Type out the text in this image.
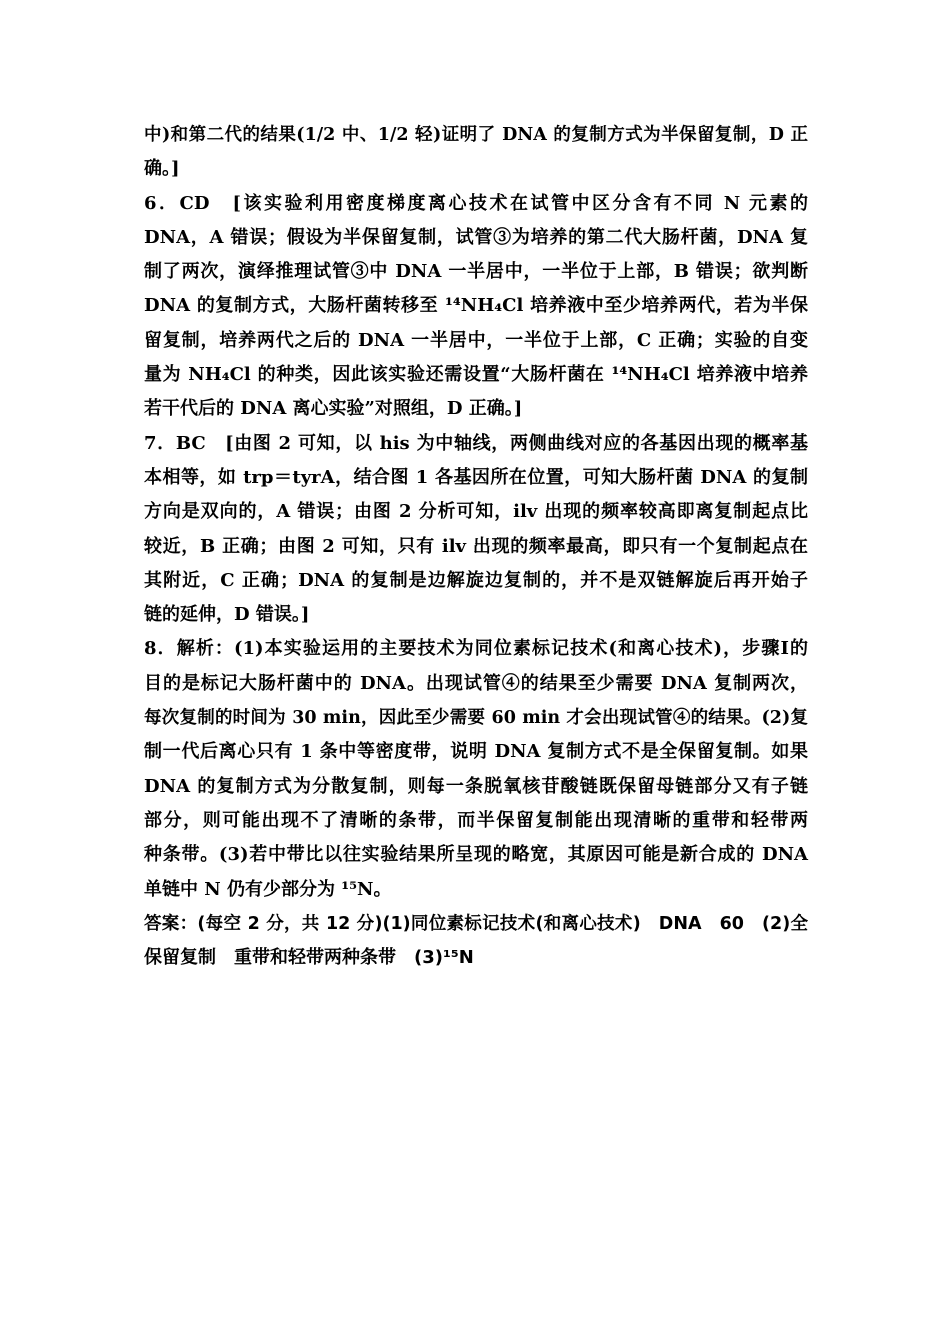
中)和第二代的结果(1/2 中、1/2 轻)证明了 DNA 的复制方式为半保留复制，D 正
确。]
6．CD　[该实验利用密度梯度离心技术在试管中区分含有不同 N 元素的
DNA，A 错误；假设为半保留复制，试管③为培养的第二代大肠杆菌，DNA 复
制了两次，演绎推理试管③中 DNA 一半居中，一半位于上部，B 错误；欲判断
DNA 的复制方式，大肠杆菌转移至 ¹⁴NH₄Cl 培养液中至少培养两代，若为半保
留复制，培养两代之后的 DNA 一半居中，一半位于上部，C 正确；实验的自变
量为 NH₄Cl 的种类，因此该实验还需设置“大肠杆菌在 ¹⁴NH₄Cl 培养液中培养
若干代后的 DNA 离心实验”对照组，D 正确。]
7．BC　[由图 2 可知，以 his 为中轴线，两侧曲线对应的各基因出现的概率基
本相等，如 trp＝tyrA，结合图 1 各基因所在位置，可知大肠杆菌 DNA 的复制
方向是双向的，A 错误；由图 2 分析可知，ilv 出现的频率较高即离复制起点比
较近，B 正确；由图 2 可知，只有 ilv 出现的频率最高，即只有一个复制起点在
其附近，C 正确；DNA 的复制是边解旋边复制的，并不是双链解旋后再开始子
链的延伸，D 错误。]
8．解析：(1)本实验运用的主要技术为同位素标记技术(和离心技术)，步骤Ⅰ的
目的是标记大肠杆菌中的 DNA。出现试管④的结果至少需要 DNA 复制两次，
每次复制的时间为 30 min，因此至少需要 60 min 才会出现试管④的结果。(2)复
制一代后离心只有 1 条中等密度带，说明 DNA 复制方式不是全保留复制。如果
DNA 的复制方式为分散复制，则每一条脱氧核苷酸链既保留母链部分又有子链
部分，则可能出现不了清晰的条带，而半保留复制能出现清晰的重带和轻带两
种条带。(3)若中带比以往实验结果所呈现的略宽，其原因可能是新合成的 DNA
单链中 N 仍有少部分为 ¹⁵N。
答案：(每空 2 分，共 12 分)(1)同位素标记技术(和离心技术)　DNA　60　(2)全
保留复制　重带和轻带两种条带　(3)¹⁵N
